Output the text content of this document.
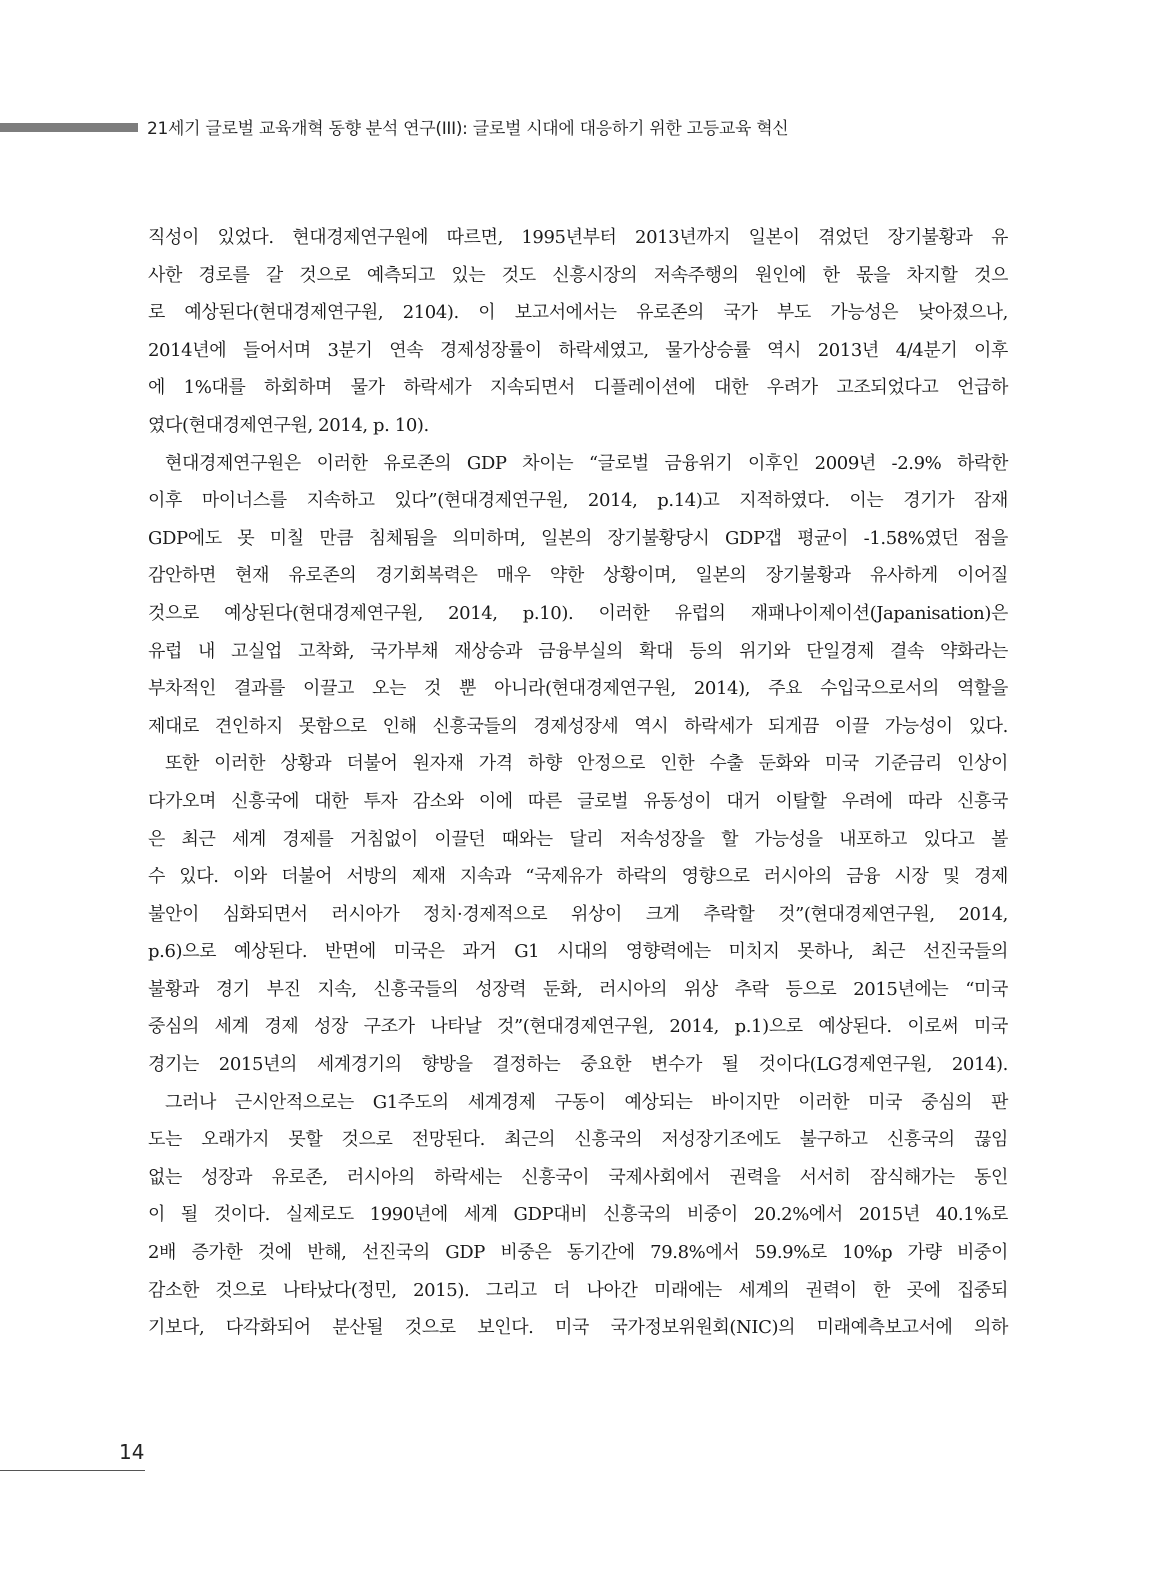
21세기 글로벌 교육개혁 동향 분석 연구(III): 글로벌 시대에 대응하기 위한 고등교육 혁신
직성이 있었다. 현대경제연구원에 따르면, 1995년부터 2013년까지 일본이 겪었던 장기불황과 유
사한 경로를 갈 것으로 예측되고 있는 것도 신흥시장의 저속주행의 원인에 한 몫을 차지할 것으
로 예상된다(현대경제연구원, 2104). 이 보고서에서는 유로존의 국가 부도 가능성은 낮아졌으나,
2014년에 들어서며 3분기 연속 경제성장률이 하락세였고, 물가상승률 역시 2013년 4/4분기 이후
에 1%대를 하회하며 물가 하락세가 지속되면서 디플레이션에 대한 우려가 고조되었다고 언급하
였다(현대경제연구원, 2014, p. 10).
현대경제연구원은 이러한 유로존의 GDP 차이는 “글로벌 금융위기 이후인 2009년 -2.9% 하락한
이후 마이너스를 지속하고 있다”(현대경제연구원, 2014, p.14)고 지적하였다. 이는 경기가 잠재
GDP에도 못 미칠 만큼 침체됨을 의미하며, 일본의 장기불황당시 GDP갭 평균이 -1.58%였던 점을
감안하면 현재 유로존의 경기회복력은 매우 약한 상황이며, 일본의 장기불황과 유사하게 이어질
것으로 예상된다(현대경제연구원, 2014, p.10). 이러한 유럽의 재패나이제이션(Japanisation)은
유럽 내 고실업 고착화, 국가부채 재상승과 금융부실의 확대 등의 위기와 단일경제 결속 약화라는
부차적인 결과를 이끌고 오는 것 뿐 아니라(현대경제연구원, 2014), 주요 수입국으로서의 역할을
제대로 견인하지 못함으로 인해 신흥국들의 경제성장세 역시 하락세가 되게끔 이끌 가능성이 있다.
또한 이러한 상황과 더불어 원자재 가격 하향 안정으로 인한 수출 둔화와 미국 기준금리 인상이
다가오며 신흥국에 대한 투자 감소와 이에 따른 글로벌 유동성이 대거 이탈할 우려에 따라 신흥국
은 최근 세계 경제를 거침없이 이끌던 때와는 달리 저속성장을 할 가능성을 내포하고 있다고 볼
수 있다. 이와 더불어 서방의 제재 지속과 “국제유가 하락의 영향으로 러시아의 금융 시장 및 경제
불안이 심화되면서 러시아가 정치·경제적으로 위상이 크게 추락할 것”(현대경제연구원, 2014,
p.6)으로 예상된다. 반면에 미국은 과거 G1 시대의 영향력에는 미치지 못하나, 최근 선진국들의
불황과 경기 부진 지속, 신흥국들의 성장력 둔화, 러시아의 위상 추락 등으로 2015년에는 “미국
중심의 세계 경제 성장 구조가 나타날 것”(현대경제연구원, 2014, p.1)으로 예상된다. 이로써 미국
경기는 2015년의 세계경기의 향방을 결정하는 중요한 변수가 될 것이다(LG경제연구원, 2014).
그러나 근시안적으로는 G1주도의 세계경제 구동이 예상되는 바이지만 이러한 미국 중심의 판
도는 오래가지 못할 것으로 전망된다. 최근의 신흥국의 저성장기조에도 불구하고 신흥국의 끊임
없는 성장과 유로존, 러시아의 하락세는 신흥국이 국제사회에서 권력을 서서히 잠식해가는 동인
이 될 것이다. 실제로도 1990년에 세계 GDP대비 신흥국의 비중이 20.2%에서 2015년 40.1%로
2배 증가한 것에 반해, 선진국의 GDP 비중은 동기간에 79.8%에서 59.9%로 10%p 가량 비중이
감소한 것으로 나타났다(정민, 2015). 그리고 더 나아간 미래에는 세계의 권력이 한 곳에 집중되
기보다, 다각화되어 분산될 것으로 보인다. 미국 국가정보위원회(NIC)의 미래예측보고서에 의하
14
